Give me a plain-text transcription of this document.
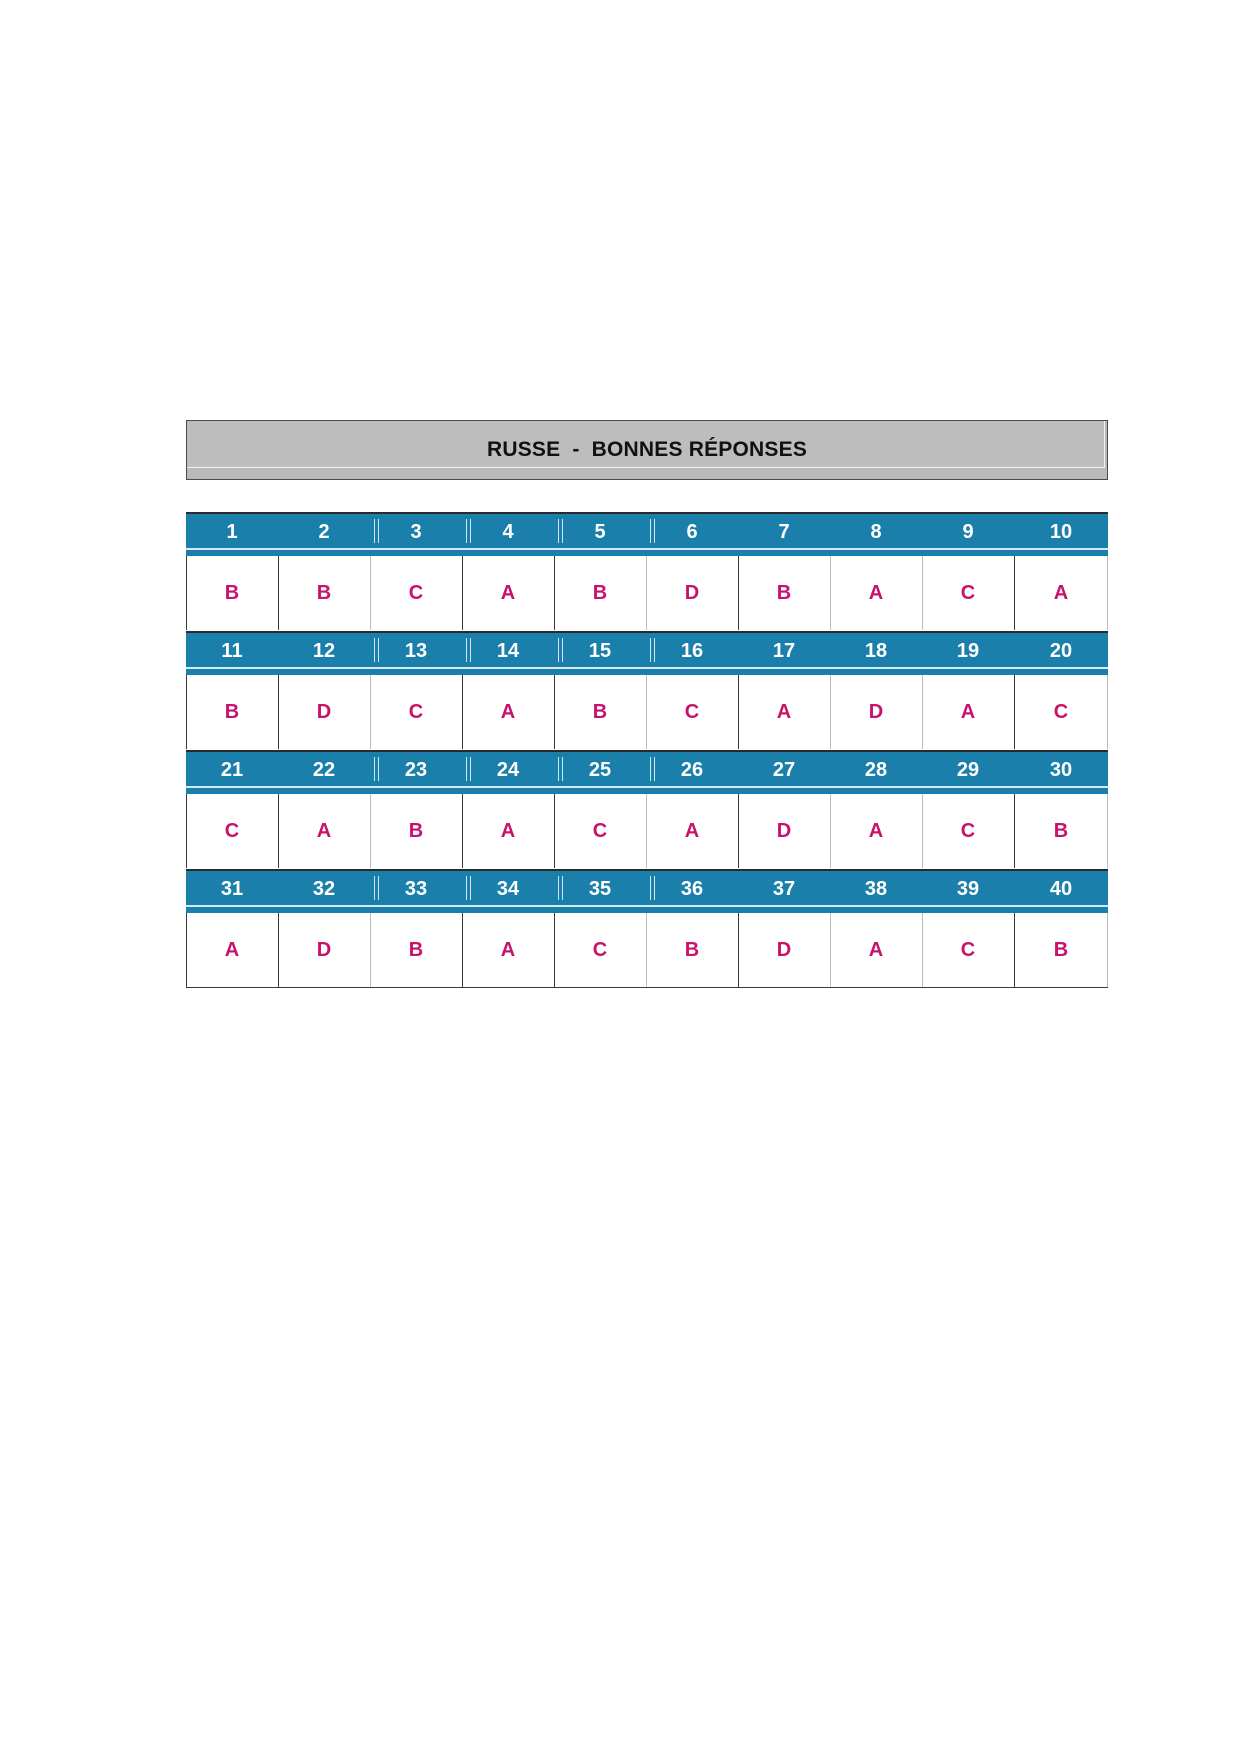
RUSSE  -  BONNES RÉPONSES
1	2	3	4	5	6	7	8	9	10
B	B	C	A	B	D	B	A	C	A
11	12	13	14	15	16	17	18	19	20
B	D	C	A	B	C	A	D	A	C
21	22	23	24	25	26	27	28	29	30
C	A	B	A	C	A	D	A	C	B
31	32	33	34	35	36	37	38	39	40
A	D	B	A	C	B	D	A	C	B
